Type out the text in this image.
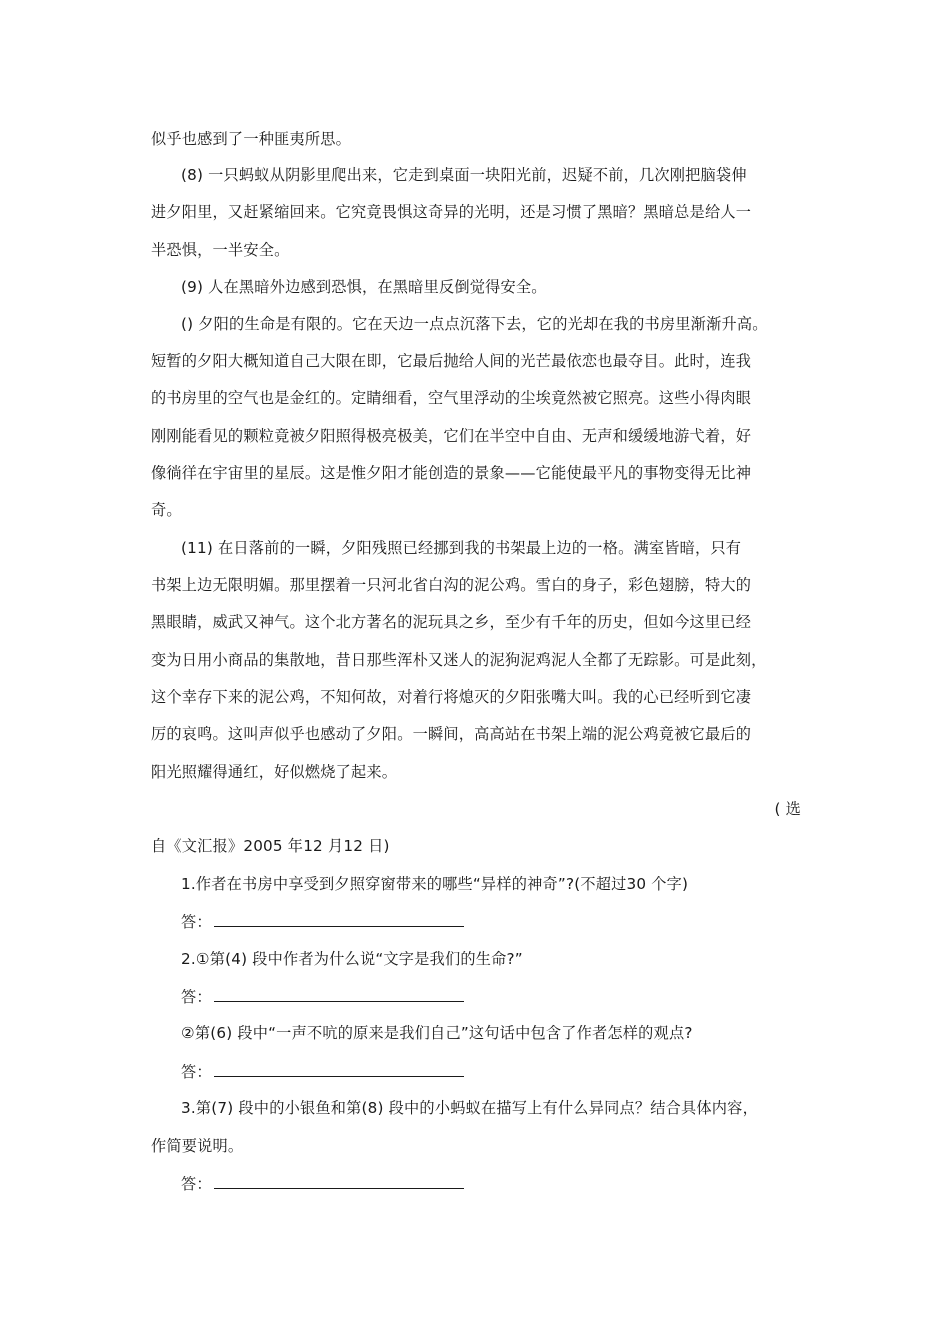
似乎也感到了一种匪夷所思。
(8) 一只蚂蚁从阴影里爬出来，它走到桌面一块阳光前，迟疑不前，几次刚把脑袋伸
进夕阳里，又赶紧缩回来。它究竟畏惧这奇异的光明，还是习惯了黑暗？黑暗总是给人一
半恐惧，一半安全。
(9) 人在黑暗外边感到恐惧，在黑暗里反倒觉得安全。
() 夕阳的生命是有限的。它在天边一点点沉落下去，它的光却在我的书房里渐渐升高。
短暂的夕阳大概知道自己大限在即，它最后抛给人间的光芒最依恋也最夺目。此时，连我
的书房里的空气也是金红的。定睛细看，空气里浮动的尘埃竟然被它照亮。这些小得肉眼
刚刚能看见的颗粒竟被夕阳照得极亮极美，它们在半空中自由、无声和缓缓地游弋着，好
像徜徉在宇宙里的星辰。这是惟夕阳才能创造的景象——它能使最平凡的事物变得无比神
奇。
(11) 在日落前的一瞬，夕阳残照已经挪到我的书架最上边的一格。满室皆暗，只有
书架上边无限明媚。那里摆着一只河北省白沟的泥公鸡。雪白的身子，彩色翅膀，特大的
黑眼睛，威武又神气。这个北方著名的泥玩具之乡，至少有千年的历史，但如今这里已经
变为日用小商品的集散地，昔日那些浑朴又迷人的泥狗泥鸡泥人全都了无踪影。可是此刻，
这个幸存下来的泥公鸡，不知何故，对着行将熄灭的夕阳张嘴大叫。我的心已经听到它凄
厉的哀鸣。这叫声似乎也感动了夕阳。一瞬间，高高站在书架上端的泥公鸡竟被它最后的
阳光照耀得通红，好似燃烧了起来。
( 选
自《文汇报》2005 年12 月12 日)
1.作者在书房中享受到夕照穿窗带来的哪些“异样的神奇”?(不超过30 个字)
答：
2.①第(4) 段中作者为什么说“文字是我们的生命?”
答：
②第(6) 段中“一声不吭的原来是我们自己”这句话中包含了作者怎样的观点?
答：
3.第(7) 段中的小银鱼和第(8) 段中的小蚂蚁在描写上有什么异同点？结合具体内容，
作简要说明。
答：
